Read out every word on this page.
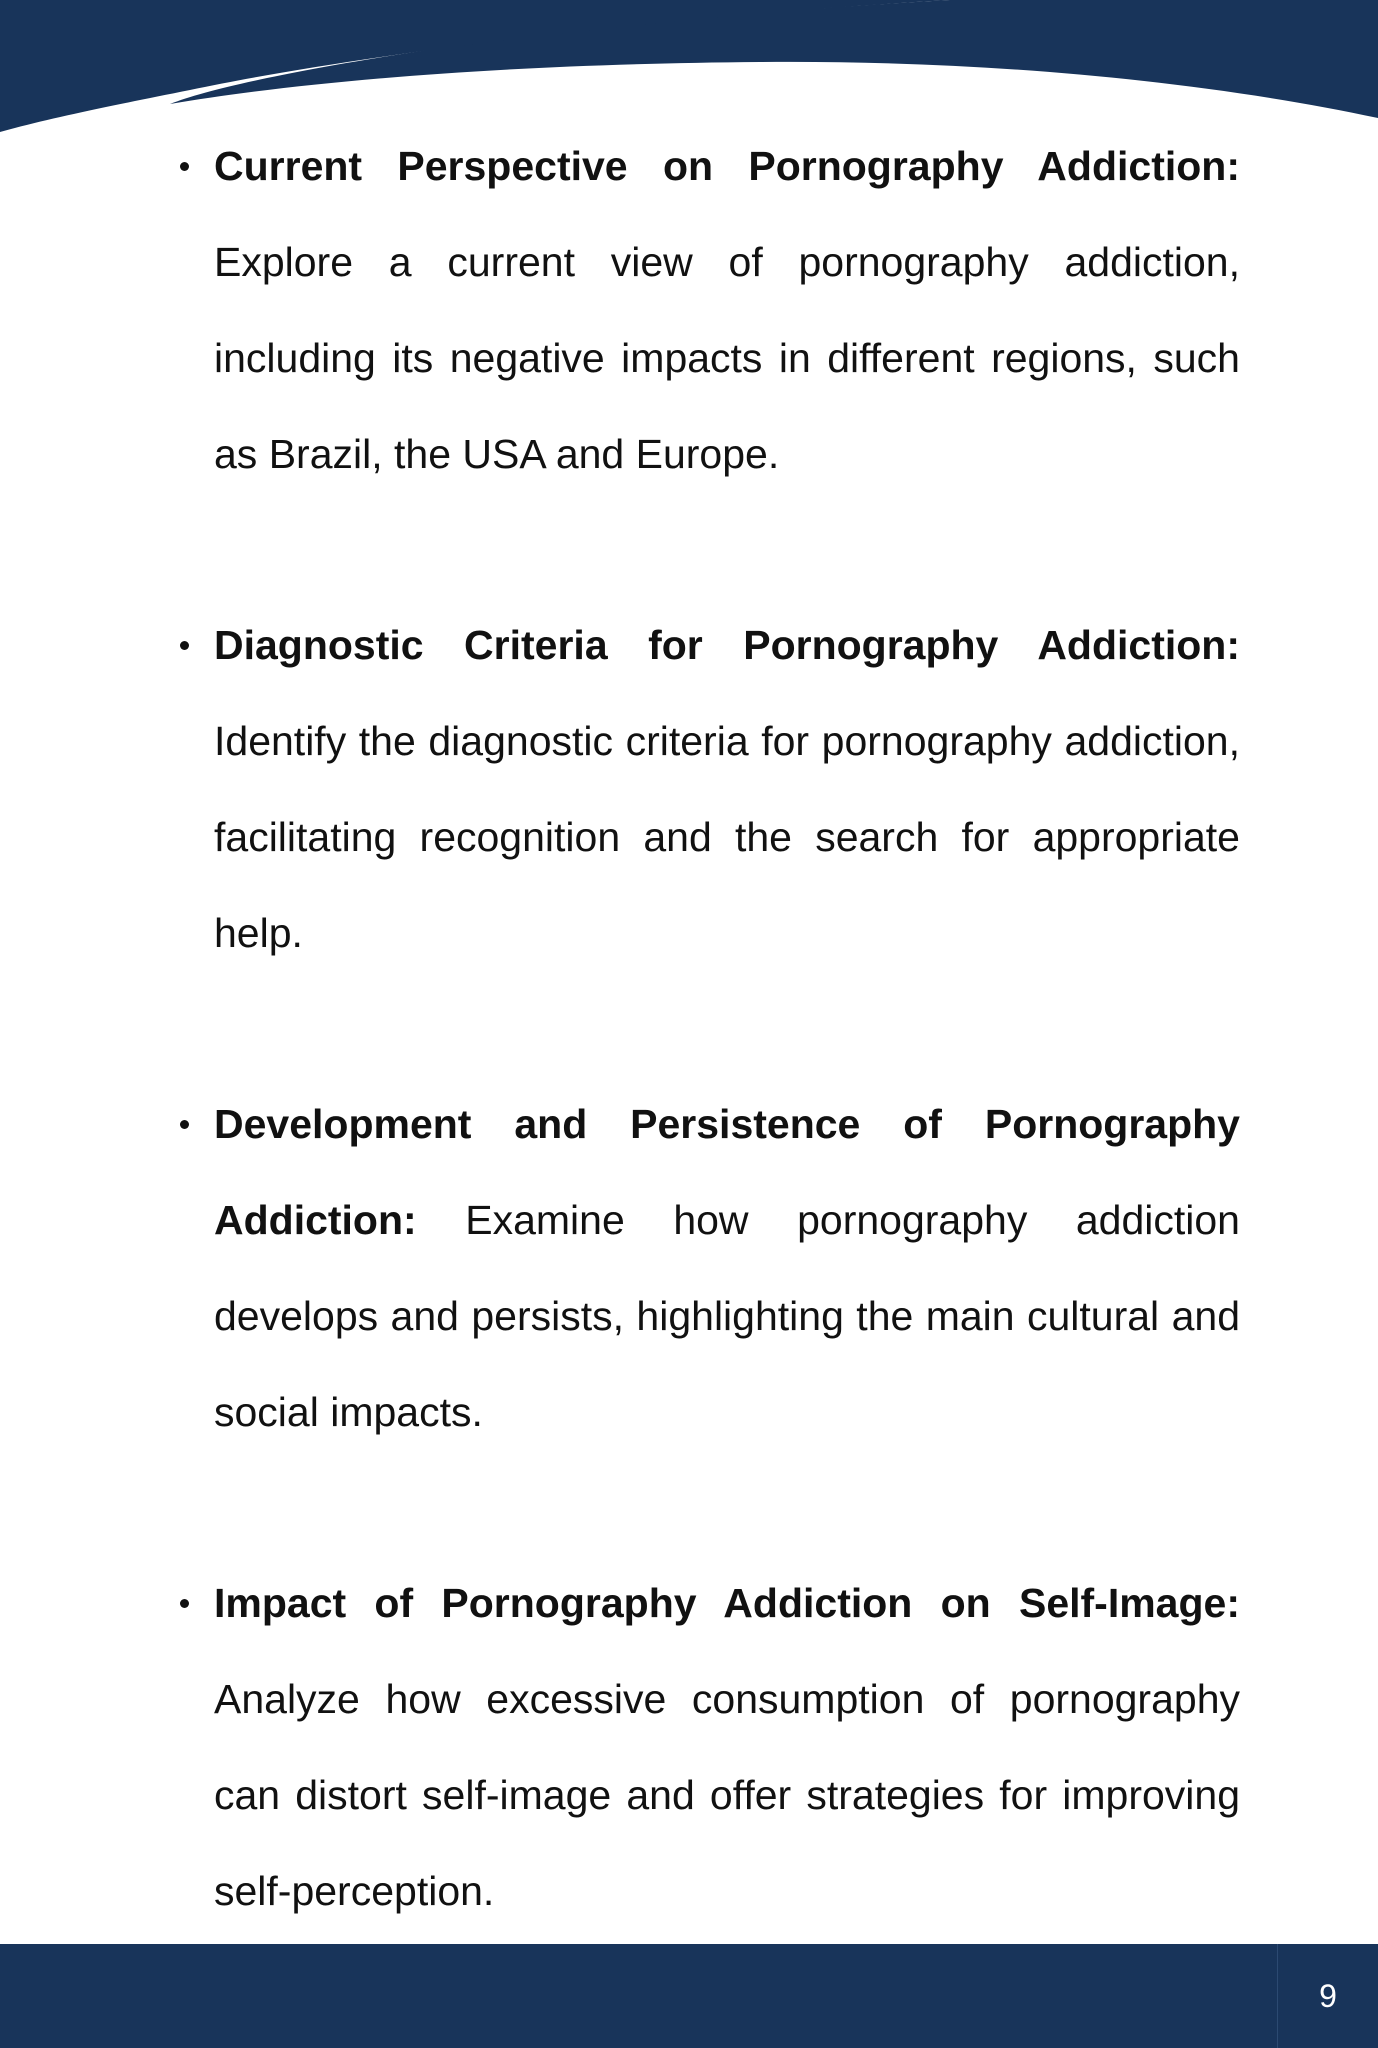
Current Perspective on Pornography Addiction: Explore a current view of pornography addiction, including its negative impacts in different regions, such as Brazil, the USA and Europe.
Diagnostic Criteria for Pornography Addiction: Identify the diagnostic criteria for pornography addiction, facilitating recognition and the search for appropriate help.
Development and Persistence of Pornography Addiction: Examine how pornography addiction develops and persists, highlighting the main cultural and social impacts.
Impact of Pornography Addiction on Self-Image: Analyze how excessive consumption of pornography can distort self-image and offer strategies for improving self-perception.
9
